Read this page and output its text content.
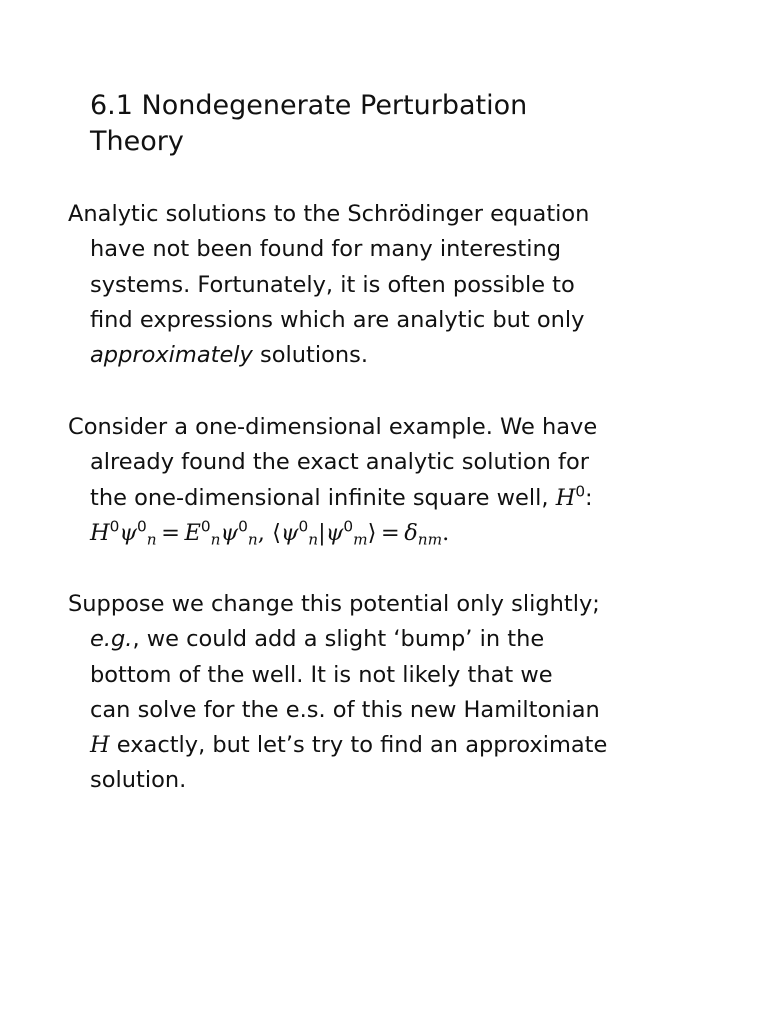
6.1 Nondegenerate Perturbation
Theory
Analytic solutions to the Schrödinger equation
have not been found for many interesting
systems. Fortunately, it is often possible to
find expressions which are analytic but only
approximately solutions.
Consider a one-dimensional example. We have
already found the exact analytic solution for
the one-dimensional infinite square well, $H^0$:
$H^0\psi^0_n = E^0_n\psi^0_n$, $⟨\psi^0_n|\psi^0_m⟩ = \delta_{nm}$.
Suppose we change this potential only slightly;
e.g., we could add a slight ‘bump’ in the
bottom of the well. It is not likely that we
can solve for the e.s. of this new Hamiltonian
H exactly, but let’s try to find an approximate
solution.
